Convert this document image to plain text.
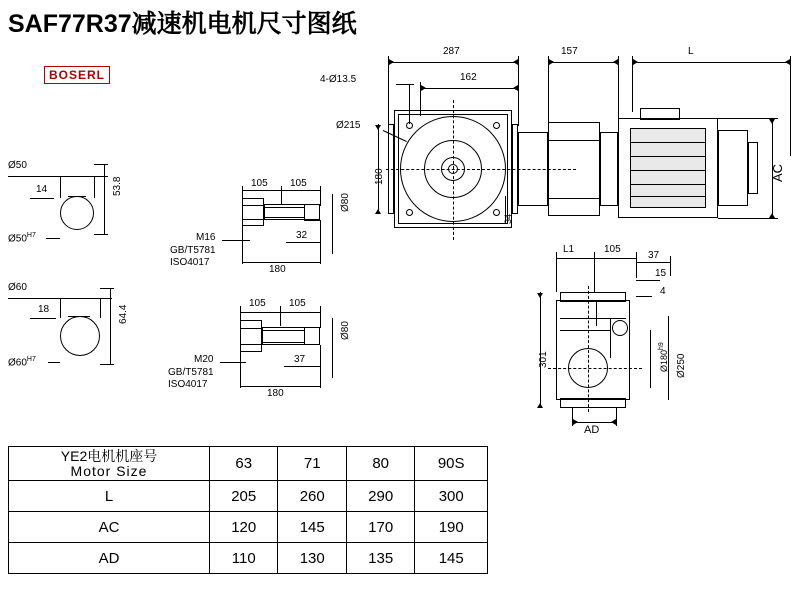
SAF77R37减速机电机尺寸图纸
BOSERL
Ø50
14	53.8
$Ø50^{H7}$
Ø60
18	64.4
$Ø60^{H7}$
105 105
32
180
Ø80
M16
GB/T5781
ISO4017
105 105
37
180
Ø80
M20
GB/T5781
ISO4017
287
162
157	L
4-Ø13.5
Ø215
180
34
AC
301	Ø250
$Ø180^{h9}$
AD
L1	105
37
15
4
YE2电机机座号
Motor Size	63	71	80	90S
L	205	260	290	300
AC	120	145	170	190
AD	110	130	135	145
